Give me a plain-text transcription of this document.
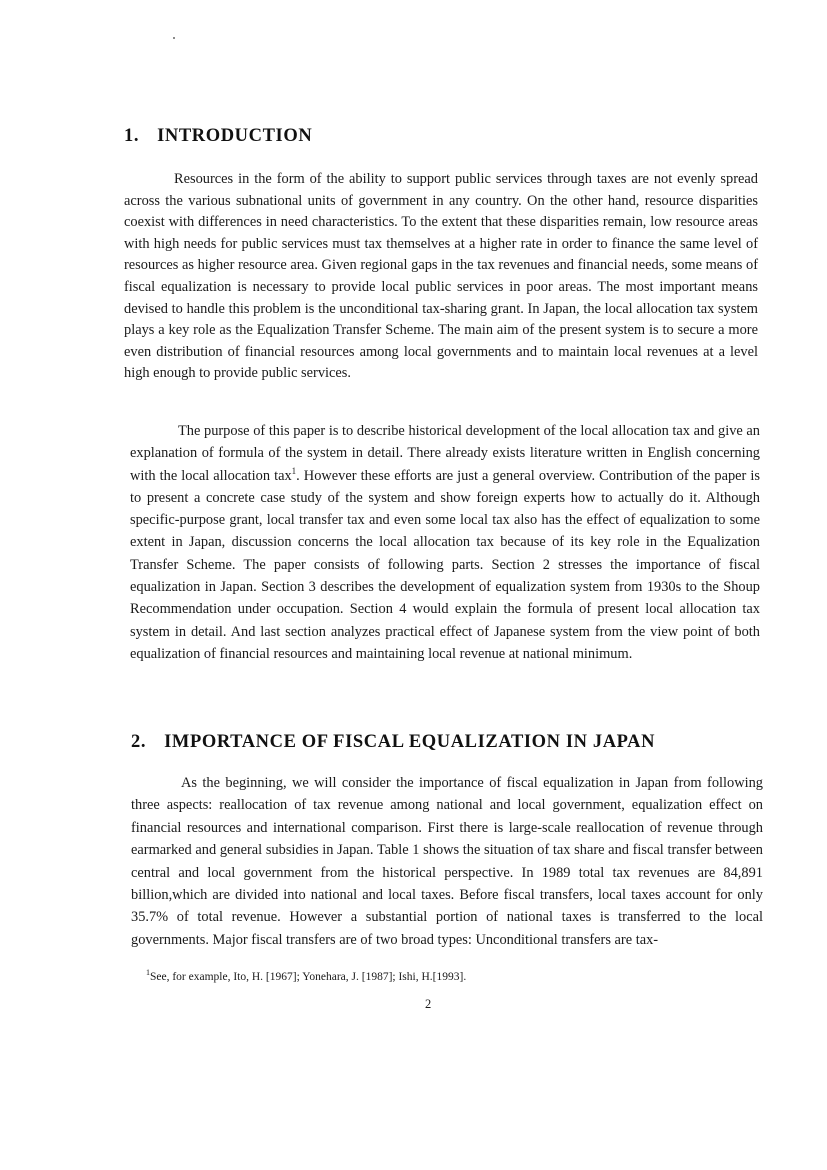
1. INTRODUCTION

Resources in the form of the ability to support public services through taxes are not evenly spread across the various subnational units of government in any country. On the other hand, resource disparities coexist with differences in need characteristics. To the extent that these disparities remain, low resource areas with high needs for public services must tax themselves at a higher rate in order to finance the same level of resources as higher resource area. Given regional gaps in the tax revenues and financial needs, some means of fiscal equalization is necessary to provide local public services in poor areas. The most important means devised to handle this problem is the unconditional tax-sharing grant. In Japan, the local allocation tax system plays a key role as the Equalization Transfer Scheme. The main aim of the present system is to secure a more even distribution of financial resources among local governments and to maintain local revenues at a level high enough to provide public services.

The purpose of this paper is to describe historical development of the local allocation tax and give an explanation of formula of the system in detail. There already exists literature written in English concerning with the local allocation tax$^1$. However these efforts are just a general overview. Contribution of the paper is to present a concrete case study of the system and show foreign experts how to actually do it. Although specific-purpose grant, local transfer tax and even some local tax also has the effect of equalization to some extent in Japan, discussion concerns the local allocation tax because of its key role in the Equalization Transfer Scheme. The paper consists of following parts. Section 2 stresses the importance of fiscal equalization in Japan. Section 3 describes the development of equalization system from 1930s to the Shoup Recommendation under occupation. Section 4 would explain the formula of present local allocation tax system in detail. And last section analyzes practical effect of Japanese system from the view point of both equalization of financial resources and maintaining local revenue at national minimum.

2. IMPORTANCE OF FISCAL EQUALIZATION IN JAPAN

As the beginning, we will consider the importance of fiscal equalization in Japan from following three aspects: reallocation of tax revenue among national and local government, equalization effect on financial resources and international comparison. First there is large-scale reallocation of revenue through earmarked and general subsidies in Japan. Table 1 shows the situation of tax share and fiscal transfer between central and local government from the historical perspective. In 1989 total tax revenues are 84,891 billion,which are divided into national and local taxes. Before fiscal transfers, local taxes account for only 35.7% of total revenue. However a substantial portion of national taxes is transferred to the local governments. Major fiscal transfers are of two broad types: Unconditional transfers are tax-

$^1$See, for example, Ito, H. [1967]; Yonehara, J. [1987]; Ishi, H.[1993].

2
